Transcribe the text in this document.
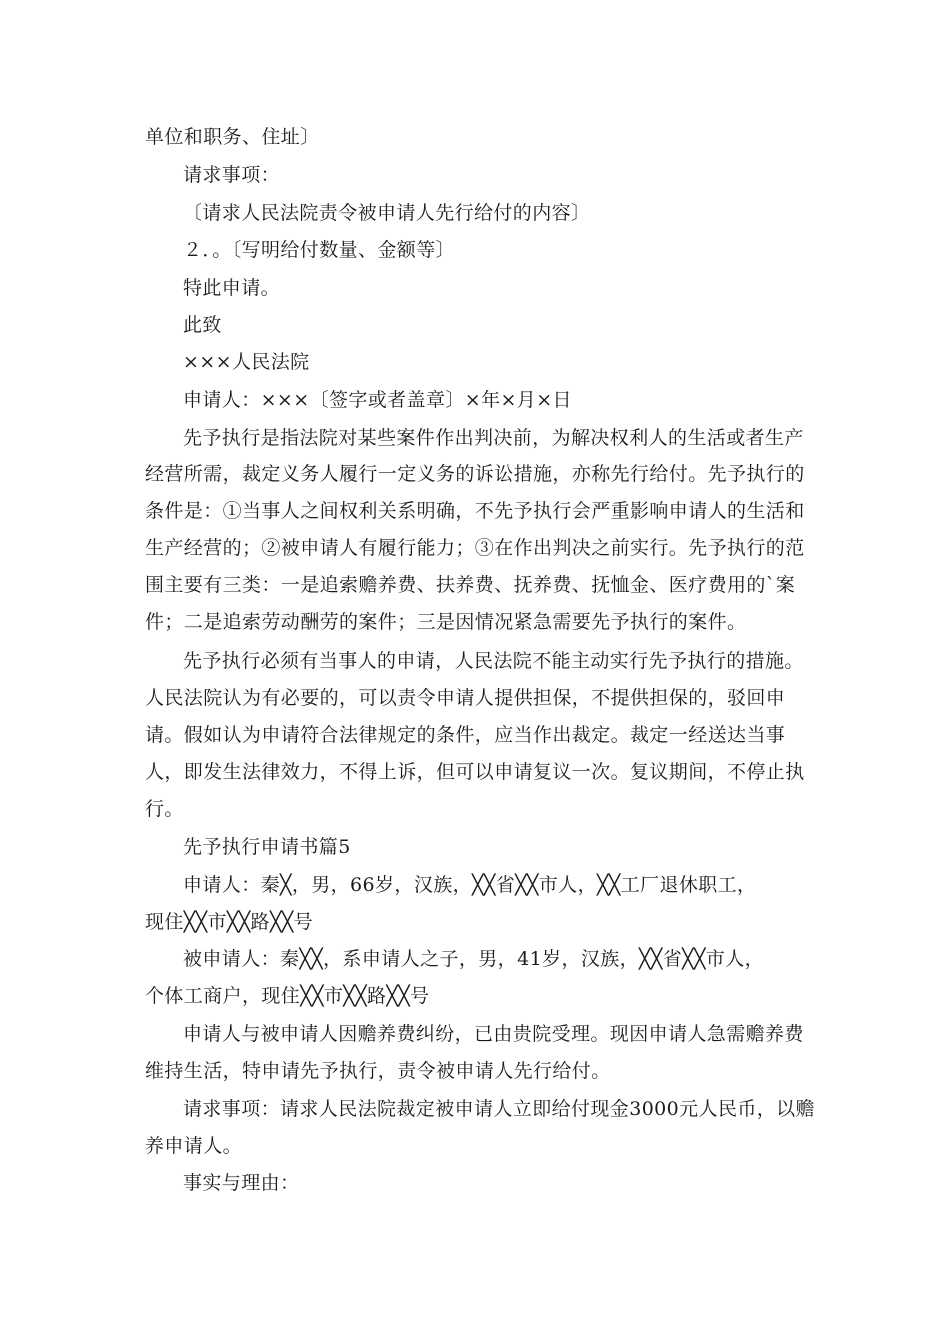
单位和职务、住址〕
请求事项：
〔请求人民法院责令被申请人先行给付的内容〕
２．。〔写明给付数量、金额等〕
特此申请。
此致
×××人民法院
申请人：×××〔签字或者盖章〕×年×月×日
先予执行是指法院对某些案件作出判决前，为解决权利人的生活或者生产
经营所需，裁定义务人履行一定义务的诉讼措施，亦称先行给付。先予执行的
条件是：①当事人之间权利关系明确，不先予执行会严重影响申请人的生活和
生产经营的；②被申请人有履行能力；③在作出判决之前实行。先予执行的范
围主要有三类：一是追索赡养费、扶养费、抚养费、抚恤金、医疗费用的`案
件；二是追索劳动酬劳的案件；三是因情况紧急需要先予执行的案件。
先予执行必须有当事人的申请，人民法院不能主动实行先予执行的措施。
人民法院认为有必要的，可以责令申请人提供担保，不提供担保的，驳回申
请。假如认为申请符合法律规定的条件，应当作出裁定。裁定一经送达当事
人，即发生法律效力，不得上诉，但可以申请复议一次。复议期间，不停止执
行。
先予执行申请书篇5
申请人：秦╳，男，66岁，汉族，╳╳省╳╳市人，╳╳工厂退休职工，
现住╳╳市╳╳路╳╳号
被申请人：秦╳╳，系申请人之子，男，41岁，汉族，╳╳省╳╳市人，
个体工商户，现住╳╳市╳╳路╳╳号
申请人与被申请人因赡养费纠纷，已由贵院受理。现因申请人急需赡养费
维持生活，特申请先予执行，责令被申请人先行给付。
请求事项：请求人民法院裁定被申请人立即给付现金3000元人民币，以赡
养申请人。
事实与理由：
